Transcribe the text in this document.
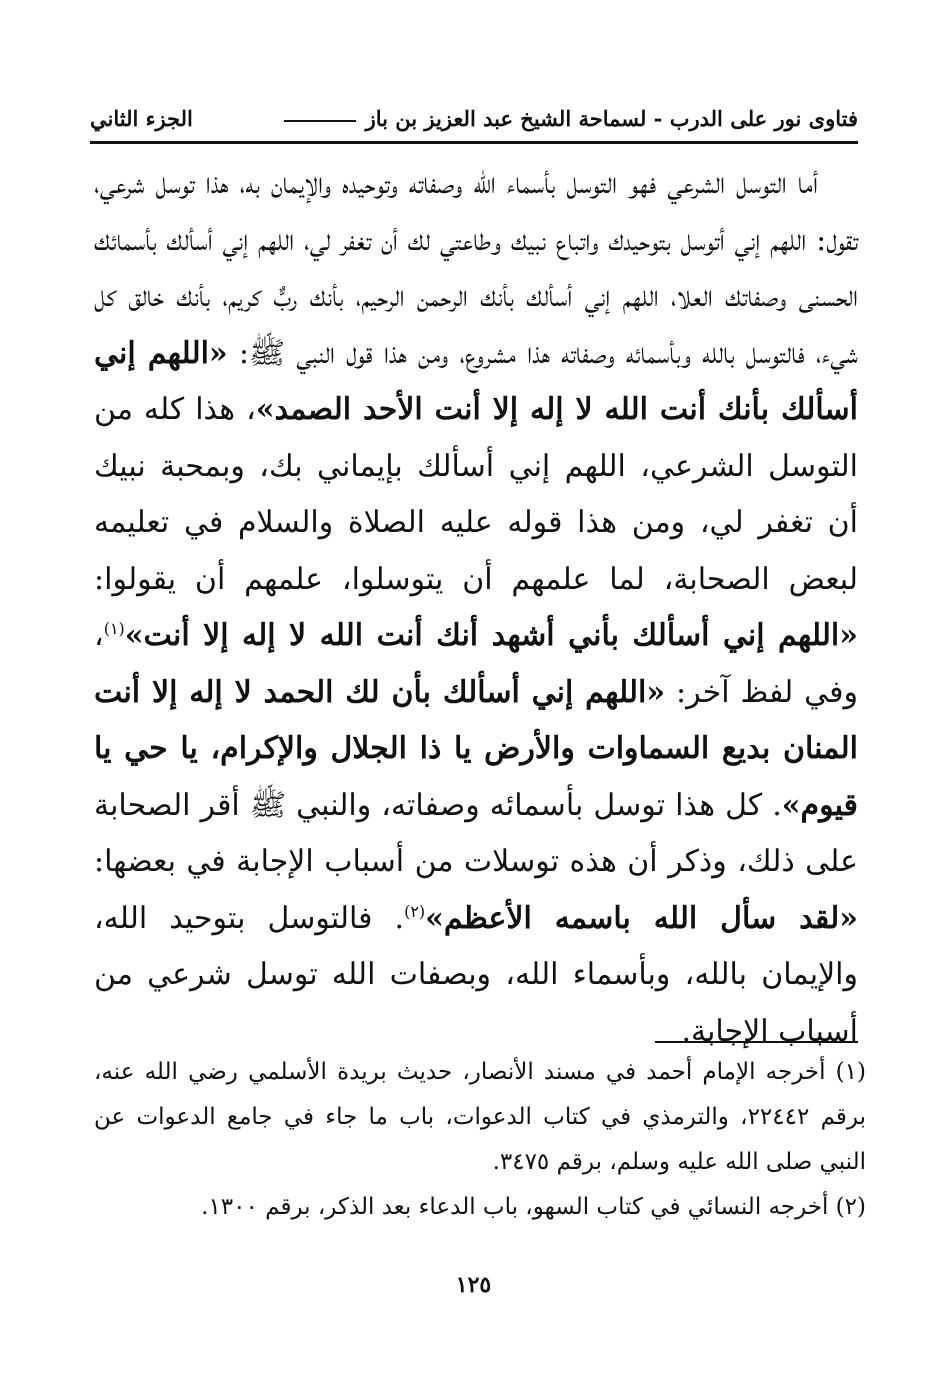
فتاوى نور على الدرب - لسماحة الشيخ عبد العزيز بن باز
الجزء الثاني

أما التوسل الشرعي فهو التوسل بأسماء الله وصفاته وتوحيده والإيمان به، هذا توسل شرعي، تقول: اللهم إني أتوسل بتوحيدك واتباع نبيك وطاعتي لك أن تغفر لي، اللهم إني أسألك بأسمائك الحسنى وصفاتك العلا، اللهم إني أسألك بأنك الرحمن الرحيم، بأنك ربٌّ كريم، بأنك خالق كل شيء، فالتوسل بالله وبأسمائه وصفاته هذا مشروع، ومن هذا قول النبي ﷺ: «اللهم إني أسألك بأنك أنت الله لا إله إلا أنت الأحد الصمد»، هذا كله من التوسل الشرعي، اللهم إني أسألك بإيماني بك، وبمحبة نبيك أن تغفر لي، ومن هذا قوله عليه الصلاة والسلام في تعليمه لبعض الصحابة، لما علمهم أن يتوسلوا، علمهم أن يقولوا: «اللهم إني أسألك بأني أشهد أنك أنت الله لا إله إلا أنت»$^{(١)}$، وفي لفظ آخر: «اللهم إني أسألك بأن لك الحمد لا إله إلا أنت المنان بديع السماوات والأرض يا ذا الجلال والإكرام، يا حي يا قيوم». كل هذا توسل بأسمائه وصفاته، والنبي ﷺ أقر الصحابة على ذلك، وذكر أن هذه توسلات من أسباب الإجابة في بعضها: «لقد سأل الله باسمه الأعظم»$^{(٢)}$. فالتوسل بتوحيد الله، والإيمان بالله، وبأسماء الله، وبصفات الله توسل شرعي من أسباب الإجابة.

(١) أخرجه الإمام أحمد في مسند الأنصار، حديث بريدة الأسلمي رضي الله عنه، برقم ٢٢٤٤٢، والترمذي في كتاب الدعوات، باب ما جاء في جامع الدعوات عن النبي صلى الله عليه وسلم، برقم ٣٤٧٥.

(٢) أخرجه النسائي في كتاب السهو، باب الدعاء بعد الذكر، برقم ١٣٠٠.

١٢٥
